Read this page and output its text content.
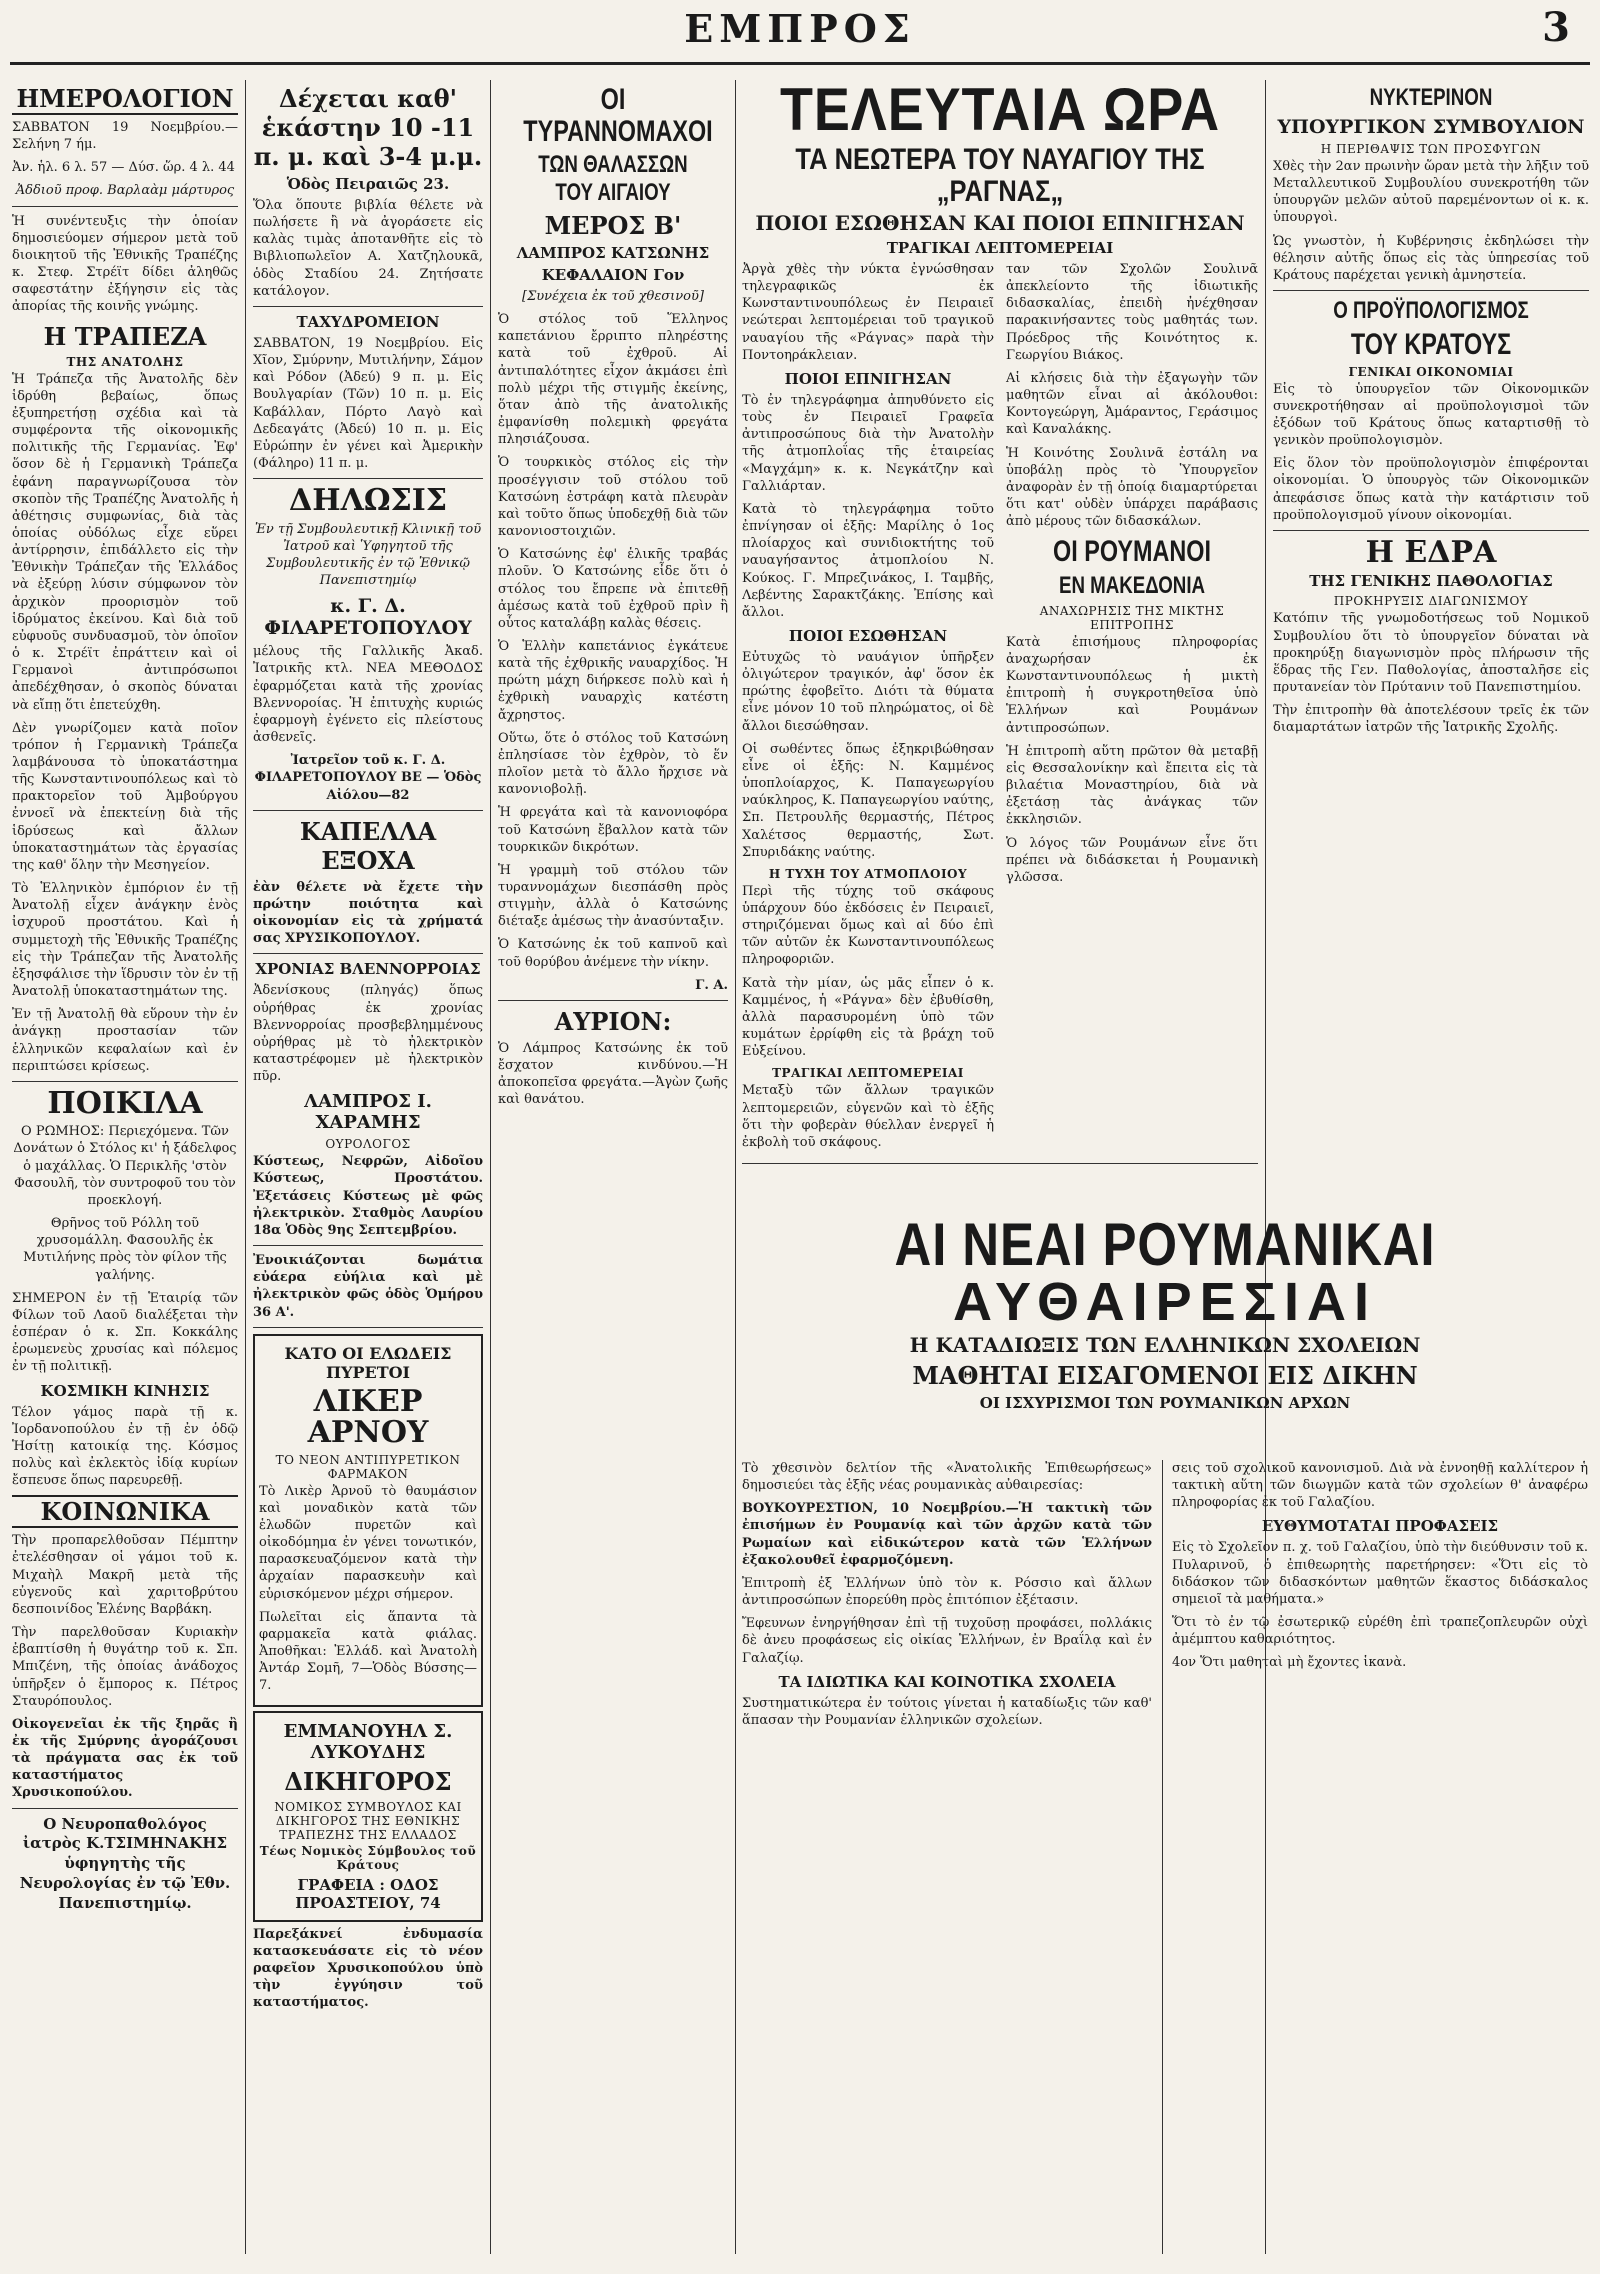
ΕΜΠΡΟΣ	3
ΗΜΕΡΟΛΟΓΙΟΝ
ΣΑΒΒΑΤΟΝ 19 Νοεμβρίου.—Σελήνη 7 ήμ.
Ἀν. ἡλ. 6 λ. 57 — Δύσ. ὥρ. 4 λ. 44
Ἀδδιοῦ προφ. Βαρλαὰμ μάρτυρος
Ἡ συνέντευξις τὴν ὁποίαν δημοσιεύομεν σήμερον μετὰ τοῦ διοικητοῦ τῆς Ἐθνικῆς Τραπέζης κ. Στεφ. Στρέϊτ δίδει ἀληθῶς σαφεστάτην ἐξήγησιν εἰς τὰς ἀπορίας τῆς κοινῆς γνώμης.
Η ΤΡΑΠΕΖΑ
ΤΗΣ ΑΝΑΤΟΛΗΣ
Ἡ Τράπεζα τῆς Ἀνατολῆς δὲν ἱδρύθη βεβαίως, ὅπως ἐξυπηρετήσῃ σχέδια καὶ τὰ συμφέροντα τῆς οἰκονομικῆς πολιτικῆς τῆς Γερμανίας. Ἐφ' ὅσον δὲ ἡ Γερμανικὴ Τράπεζα ἐφάνη παραγνωρίζουσα τὸν σκοπὸν τῆς Τραπέζης Ἀνατολῆς ἡ ἀθέτησις συμφωνίας, διὰ τὰς ὁποίας οὐδόλως εἶχε εὕρει ἀντίρρησιν, ἐπιδάλλετο εἰς τὴν Ἐθνικὴν Τράπεζαν τῆς Ἑλλάδος νὰ ἐξεύρῃ λύσιν σύμφωνον τὸν ἀρχικὸν προορισμὸν τοῦ ἱδρύματος ἐκείνου. Καὶ διὰ τοῦ εὐφυοῦς συνδυασμοῦ, τὸν ὁποῖον ὁ κ. Στρέϊτ ἐπράττειν καὶ οἱ Γερμανοὶ ἀντιπρόσωποι ἀπεδέχθησαν, ὁ σκοπὸς δύναται νὰ εἴπῃ ὅτι ἐπετεύχθη.
Δὲν γνωρίζομεν κατὰ ποῖον τρόπον ἡ Γερμανικὴ Τράπεζα λαμβάνουσα τὸ ὑποκατάστημα τῆς Κωνσταντινουπόλεως καὶ τὸ πρακτορεῖον τοῦ Ἀμβούργου ἐννοεῖ νὰ ἐπεκτείνῃ διὰ τῆς ἱδρύσεως καὶ ἄλλων ὑποκαταστημάτων τὰς ἐργασίας της καθ' ὅλην τὴν Μεσηγείον.
Τὸ Ἑλληνικὸν ἐμπόριον ἐν τῇ Ἀνατολῇ εἶχεν ἀνάγκην ἑνὸς ἰσχυροῦ προστάτου. Καὶ ἡ συμμετοχὴ τῆς Ἐθνικῆς Τραπέζης εἰς τὴν Τράπεζαν τῆς Ἀνατολῆς ἐξησφάλισε τὴν ἵδρυσιν τὸν ἐν τῇ Ἀνατολῇ ὑποκαταστημάτων της.
Ἐν τῇ Ἀνατολῇ θὰ εὕρουν τὴν ἐν ἀνάγκῃ προστασίαν τῶν ἑλληνικῶν κεφαλαίων καὶ ἐν περιπτώσει κρίσεως.
ΠΟΙΚΙΛΑ
Ο ΡΩΜΗΟΣ: Περιεχόμενα. Τῶν Δονάτων ὁ Στόλος κι' ἡ ξάδελφος ὁ μαχάλλας. Ὁ Περικλῆς 'στὸν Φασουλῆ, τὸν συντροφοῦ του τὸν προεκλογή.
Θρῆνος τοῦ Ρόλλη τοῦ χρυσομάλλη. Φασουλῆς ἐκ Μυτιλήνης πρὸς τὸν φίλον τῆς γαλήνης.
ΣΗΜΕΡΟΝ ἐν τῇ Ἑταιρίᾳ τῶν Φίλων τοῦ Λαοῦ διαλέξεται τὴν ἑσπέραν ὁ κ. Σπ. Κοκκάλης ἐρωμενεὺς χρυσίας καὶ πόλεμος ἐν τῇ πολιτικῇ.
ΚΟΣΜΙΚΗ ΚΙΝΗΣΙΣ
Τέλον γάμος παρὰ τῇ κ. Ἰορδανοπούλου ἐν τῇ ἐν ὁδῷ Ἡσίτῃ κατοικίᾳ της. Κόσμος πολὺς καὶ ἐκλεκτὸς ἰδίᾳ κυρίων ἔσπευσε ὅπως παρευρεθῇ.
ΚΟΙΝΩΝΙΚΑ
Τὴν προπαρελθοῦσαν Πέμπτην ἐτελέσθησαν οἱ γάμοι τοῦ κ. Μιχαὴλ Μακρῆ μετὰ τῆς εὐγενοῦς καὶ χαριτοβρύτου δεσποινίδος Ἑλένης Βαρβάκη.
Τὴν παρελθοῦσαν Κυριακὴν ἐβαπτίσθη ἡ θυγάτηρ τοῦ κ. Σπ. Μπιζένη, τῆς ὁποίας ἀνάδοχος ὑπῆρξεν ὁ ἔμπορος κ. Πέτρος Σταυρόπουλος.
Οἰκογενεῖαι ἐκ τῆς ξηρᾶς ἢ ἐκ τῆς Σμύρνης ἀγοράζουσι τὰ πράγματα σας ἐκ τοῦ καταστήματος Χρυσικοπούλου.
Ο Νευροπαθολόγος ἰατρὸς Κ.ΤΣΙΜΗΝΑΚΗΣ ὑφηγητὴς τῆς Νευρολογίας ἐν τῷ Ἐθν. Πανεπιστημίῳ.
Δέχεται καθ' ἑκάστην 10 -11 π. μ. καὶ 3-4 μ.μ.
Ὁδὸς Πειραιῶς 23.
Ὅλα ὅπουτε βιβλία θέλετε νὰ πωλήσετε ἢ νὰ ἀγοράσετε εἰς καλὰς τιμὰς ἀποτανθῆτε εἰς τὸ Βιβλιοπωλεῖον Α. Χατζηλουκᾶ, ὁδὸς Σταδίου 24. Ζητήσατε κατάλογον.
ΤΑΧΥΔΡΟΜΕΙΟΝ
ΣΑΒΒΑΤΟΝ, 19 Νοεμβρίου. Εἰς Χῖον, Σμύρνην, Μυτιλήνην, Σάμον καὶ Ρόδον (Ἀδεύ) 9 π. μ. Εἰς Βουλγαρίαν (Τῶν) 10 π. μ. Εἰς Καβάλλαν, Πόρτο Λαγὸ καὶ Δεδεαγάτς (Ἀδεύ) 10 π. μ. Εἰς Εὐρώπην ἐν γένει καὶ Ἀμερικὴν (Φάληρο) 11 π. μ.
ΔΗΛΩΣΙΣ
Ἐν τῇ Συμβουλευτικῇ Κλινικῇ τοῦ Ἰατροῦ καὶ Ὑφηγητοῦ τῆς Συμβουλευτικῆς ἐν τῷ Ἐθνικῷ Πανεπιστημίῳ
κ. Γ. Δ. ΦΙΛΑΡΕΤΟΠΟΥΛΟΥ
μέλους τῆς Γαλλικῆς Ἀκαδ. Ἰατρικῆς κτλ. ΝΕΑ ΜΕΘΟΔΟΣ ἐφαρμόζεται κατὰ τῆς χρονίας Βλεννοροίας. Ἡ ἐπιτυχὴς κυριώς ἐφαρμογὴ ἐγένετο εἰς πλείστους ἀσθενεῖς.
Ἰατρεῖον τοῦ κ. Γ. Δ. ΦΙΛΑΡΕΤΟΠΟΥΛΟΥ ΒΕ — Ὁδὸς Αἰόλου—82
ΚΑΠΕΛΛΑ ΕΞΟΧΑ
ἐὰν θέλετε νὰ ἔχετε τὴν πρώτην ποιότητα καὶ οἰκονομίαν εἰς τὰ χρήματά σας ΧΡΥΣΙΚΟΠΟΥΛΟΥ.
ΧΡΟΝΙΑΣ ΒΛΕΝΝΟΡΡΟΙΑΣ
Ἀδενίσκους (πληγάς) ὅπως οὐρήθρας ἐκ χρονίας Βλεννορροίας προσβεβλημμένους οὐρήθρας μὲ τὸ ἠλεκτρικὸν καταστρέφομεν μὲ ἠλεκτρικὸν πῦρ.
ΛΑΜΠΡΟΣ Ι. ΧΑΡΑΜΗΣ
ΟΥΡΟΛΟΓΟΣ
Κύστεως, Νεφρῶν, Αἰδοῖου Κύστεως, Προστάτου. Ἐξετάσεις Κύστεως μὲ φῶς ἠλεκτρικὸν. Σταθμὸς Λαυρίου 18α Ὁδὸς 9ης Σεπτεμβρίου.
Ἐνοικιάζονται δωμάτια εὐάερα εὐήλια καὶ μὲ ἠλεκτρικὸν φῶς ὁδὸς Ὁμήρου 36 Α'.
ΚΑΤΟ ΟΙ ΕΛΩΔΕΙΣ ΠΥΡΕΤΟΙ
ΛΙΚΕΡ ΑΡΝΟΥ
ΤΟ ΝΕΟΝ ΑΝΤΙΠΥΡΕΤΙΚΟΝ ΦΑΡΜΑΚΟΝ
Τὸ Λικὲρ Ἀρνοῦ τὸ θαυμάσιον καὶ μοναδικὸν κατὰ τῶν ἑλωδῶν πυρετῶν καὶ οἰκοδόμημα ἐν γένει τονωτικόν, παρασκευαζόμενον κατὰ τὴν ἀρχαίαν παρασκευὴν καὶ εὑρισκόμενον μέχρι σήμερον.
Πωλεῖται εἰς ἅπαντα τὰ φαρμακεῖα κατὰ φιάλας. Ἀποθῆκαι: Ἐλλάδ. καὶ Ἀνατολὴ Ἀντάρ Σομῆ, 7—Ὁδὸς Βύσσης—7.
ΕΜΜΑΝΟΥΗΛ Σ. ΛΥΚΟΥΔΗΣ
ΔΙΚΗΓΟΡΟΣ
ΝΟΜΙΚΟΣ ΣΥΜΒΟΥΛΟΣ ΚΑΙ ΔΙΚΗΓΟΡΟΣ ΤΗΣ ΕΘΝΙΚΗΣ ΤΡΑΠΕΖΗΣ ΤΗΣ ΕΛΛΑΔΟΣ
Τέως Νομικὸς Σύμβουλος τοῦ Κράτους
ΓΡΑΦΕΙΑ : ΟΔΟΣ ΠΡΟΑΣΤΕΙΟΥ, 74
Παρεξάκνεί ἐνδυμασία κατασκευάσατε εἰς τὸ νέον ραφεῖον Χρυσικοπούλου ὑπὸ τὴν ἐγγύησιν τοῦ καταστήματος.
ΟΙ ΤΥΡΑΝΝΟΜΑΧΟΙ
ΤΩΝ ΘΑΛΑΣΣΩΝ ΤΟΥ ΑΙΓΑΙΟΥ
ΜΕΡΟΣ Β'
ΛΑΜΠΡΟΣ ΚΑΤΣΩΝΗΣ
ΚΕΦΑΛΑΙΟΝ Γον
[Συνέχεια ἐκ τοῦ χθεσινοῦ]
Ὁ στόλος τοῦ Ἕλληνος καπετάνιου ἔρριπτο πληρέστης κατὰ τοῦ ἐχθροῦ. Αἱ ἀντιπαλότητες εἶχον ἀκμάσει ἐπὶ πολὺ μέχρι τῆς στιγμῆς ἐκείνης, ὅταν ἀπὸ τῆς ἀνατολικῆς ἐμφανίσθη πολεμικὴ φρεγάτα πλησιάζουσα.
Ὁ τουρκικὸς στόλος εἰς τὴν προσέγγισιν τοῦ στόλου τοῦ Κατσώνη ἐστράφη κατὰ πλευρὰν καὶ τοῦτο ὅπως ὑποδεχθῇ διὰ τῶν κανονιοστοιχιῶν.
Ὁ Κατσώνης ἐφ' ἑλικῆς τραβάς πλοῦν. Ὁ Κατσώνης εἶδε ὅτι ὁ στόλος του ἔπρεπε νὰ ἐπιτεθῇ ἀμέσως κατὰ τοῦ ἐχθροῦ πρὶν ἢ οὗτος καταλάβῃ καλὰς θέσεις.
Ὁ Ἑλλὴν καπετάνιος ἐγκάτευε κατὰ τῆς ἐχθρικῆς ναυαρχίδος. Ἡ πρώτη μάχη διήρκεσε πολὺ καὶ ἡ ἐχθρικὴ ναυαρχὶς κατέστη ἄχρηστος.
Οὕτω, ὅτε ὁ στόλος τοῦ Κατσώνη ἐπλησίασε τὸν ἐχθρὸν, τὸ ἕν πλοῖον μετὰ τὸ ἄλλο ἤρχισε νὰ κανονιοβολῇ.
Ἡ φρεγάτα καὶ τὰ κανονιοφόρα τοῦ Κατσώνη ἔβαλλον κατὰ τῶν τουρκικῶν δικρότων.
Ἡ γραμμὴ τοῦ στόλου τῶν τυραννομάχων διεσπάσθη πρὸς στιγμὴν, ἀλλὰ ὁ Κατσώνης διέταξε ἀμέσως τὴν ἀνασύνταξιν.
Ὁ Κατσώνης ἐκ τοῦ καπνοῦ καὶ τοῦ θορύβου ἀνέμενε τὴν νίκην.
Γ. Α.
ΑΥΡΙΟΝ:
Ὁ Λάμπρος Κατσώνης ἐκ τοῦ ἔσχατον κινδύνου.—Ἡ ἀποκοπεῖσα φρεγάτα.—Ἀγὼν ζωῆς καὶ θανάτου.
ΤΕΛΕΥΤΑΙΑ ΩΡΑ
ΤΑ ΝΕΩΤΕΡΑ ΤΟΥ ΝΑΥΑΓΙΟΥ ΤΗΣ „ΡΑΓΝΑΣ„
ΠΟΙΟΙ ΕΣΩΘΗΣΑΝ ΚΑΙ ΠΟΙΟΙ ΕΠΝΙΓΗΣΑΝ
ΤΡΑΓΙΚΑΙ ΛΕΠΤΟΜΕΡΕΙΑΙ
Ἀργὰ χθὲς τὴν νύκτα ἐγνώσθησαν τηλεγραφικῶς ἐκ Κωνσταντινουπόλεως ἐν Πειραιεῖ νεώτεραι λεπτομέρειαι τοῦ τραγικοῦ ναυαγίου τῆς «Ράγνας» παρὰ τὴν Ποντοηράκλειαν.
ΠΟΙΟΙ ΕΠΝΙΓΗΣΑΝ
Τὸ ἐν τηλεγράφημα ἀπηυθύνετο εἰς τοὺς ἐν Πειραιεῖ Γραφεῖα ἀντιπροσώπους διὰ τὴν Ἀνατολὴν τῆς ἀτμοπλοΐας τῆς ἑταιρείας «Μαγχάμη» κ. κ. Νεγκάτζην καὶ Γαλλιάρταν.
Κατὰ τὸ τηλεγράφημα τοῦτο ἐπνίγησαν οἱ ἑξῆς: Μαρίλης ὁ 1ος πλοίαρχος καὶ συνιδιοκτήτης τοῦ ναυαγήσαντος ἀτμοπλοίου Ν. Κούκος. Γ. Μπρεζινάκος, Ι. Ταμβῆς, Λεβέντης Σαρακτζάκης. Ἐπίσης καὶ ἄλλοι.
ΠΟΙΟΙ ΕΣΩΘΗΣΑΝ
Εὐτυχῶς τὸ ναυάγιον ὑπῆρξεν ὀλιγώτερον τραγικόν, ἀφ' ὅσον ἐκ πρώτης ἐφοβεῖτο. Διότι τὰ θύματα εἶνε μόνον 10 τοῦ πληρώματος, οἱ δὲ ἄλλοι διεσώθησαν.
Οἱ σωθέντες ὅπως ἐξηκριβώθησαν εἶνε οἱ ἑξῆς: Ν. Καμμένος ὑποπλοίαρχος, Κ. Παπαγεωργίου ναύκληρος, Κ. Παπαγεωργίου ναύτης, Σπ. Πετρουλῆς θερμαστής, Πέτρος Χαλέτσος θερμαστής, Σωτ. Σπυριδάκης ναύτης.
Η ΤΥΧΗ ΤΟΥ ΑΤΜΟΠΛΟΙΟΥ
Περὶ τῆς τύχης τοῦ σκάφους ὑπάρχουν δύο ἐκδόσεις ἐν Πειραιεῖ, στηριζόμεναι ὅμως καὶ αἱ δύο ἐπὶ τῶν αὐτῶν ἐκ Κωνσταντινουπόλεως πληροφοριῶν.
Κατὰ τὴν μίαν, ὡς μᾶς εἶπεν ὁ κ. Καμμένος, ἡ «Ράγνα» δὲν ἐβυθίσθη, ἀλλὰ παρασυρομένη ὑπὸ τῶν κυμάτων ἐρρίφθη εἰς τὰ βράχη τοῦ Εὐξείνου.
ΤΡΑΓΙΚΑΙ ΛΕΠΤΟΜΕΡΕΙΑΙ
Μεταξὺ τῶν ἄλλων τραγικῶν λεπτομερειῶν, εὐγενῶν καὶ τὸ ἑξῆς ὅτι τὴν φοβερὰν θύελλαν ἐνεργεῖ ἡ ἐκβολὴ τοῦ σκάφους.
ταν τῶν Σχολῶν Σουλινᾶ ἀπεκλείοντο τῆς ἰδιωτικῆς διδασκαλίας, ἐπειδὴ ἠνέχθησαν παρακινήσαντες τοὺς μαθητάς των. Πρόεδρος τῆς Κοινότητος κ. Γεωργίου Βιάκος.
Αἱ κλήσεις διὰ τὴν ἐξαγωγὴν τῶν μαθητῶν εἶναι αἱ ἀκόλουθοι: Κοντογεώργη, Ἀμάραντος, Γεράσιμος καὶ Καναλάκης.
Ἡ Κοινότης Σουλινᾶ ἐστάλη να ὑποβάλῃ πρὸς τὸ Ὑπουργεῖον ἀναφορὰν ἐν τῇ ὁποίᾳ διαμαρτύρεται ὅτι κατ' οὐδὲν ὑπάρχει παράβασις ἀπὸ μέρους τῶν διδασκάλων.
ΟΙ ΡΟΥΜΑΝΟΙ
ΕΝ ΜΑΚΕΔΟΝΙΑ
ΑΝΑΧΩΡΗΣΙΣ ΤΗΣ ΜΙΚΤΗΣ ΕΠΙΤΡΟΠΗΣ
Κατὰ ἐπισήμους πληροφορίας ἀναχωρήσαν ἐκ Κωνσταντινουπόλεως ἡ μικτὴ ἐπιτροπὴ ἡ συγκροτηθεῖσα ὑπὸ Ἑλλήνων καὶ Ρουμάνων ἀντιπροσώπων.
Ἡ ἐπιτροπὴ αὕτη πρῶτον θὰ μεταβῇ εἰς Θεσσαλονίκην καὶ ἔπειτα εἰς τὰ βιλαέτια Μοναστηρίου, διὰ νὰ ἐξετάσῃ τὰς ἀνάγκας τῶν ἐκκλησιῶν.
Ὁ λόγος τῶν Ρουμάνων εἶνε ὅτι πρέπει νὰ διδάσκεται ἡ Ρουμανικὴ γλῶσσα.
ΑΙ ΝΕΑΙ ΡΟΥΜΑΝΙΚΑΙ
ΑΥΘΑΙΡΕΣΙΑΙ
Η ΚΑΤΑΔΙΩΞΙΣ ΤΩΝ ΕΛΛΗΝΙΚΩΝ ΣΧΟΛΕΙΩΝ
ΜΑΘΗΤΑΙ ΕΙΣΑΓΟΜΕΝΟΙ ΕΙΣ ΔΙΚΗΝ
ΟΙ ΙΣΧΥΡΙΣΜΟΙ ΤΩΝ ΡΟΥΜΑΝΙΚΩΝ ΑΡΧΩΝ
Τὸ χθεσινὸν δελτίον τῆς «Ἀνατολικῆς Ἐπιθεωρήσεως» δημοσιεύει τὰς ἑξῆς νέας ρουμανικὰς αὐθαιρεσίας:
ΒΟΥΚΟΥΡΕΣΤΙΟΝ, 10 Νοεμβρίου.—Ἡ τακτικὴ τῶν ἐπισήμων ἐν Ρουμανίᾳ καὶ τῶν ἀρχῶν κατὰ τῶν Ρωμαίων καὶ εἰδικώτερον κατὰ τῶν Ἑλλήνων ἐξακολουθεῖ ἐφαρμοζόμενη.
Ἐπιτροπὴ ἐξ Ἑλλήνων ὑπὸ τὸν κ. Ρόσσιο καὶ ἄλλων ἀντιπροσώπων ἐπορεύθη πρὸς ἐπιτόπιον ἐξέτασιν.
Ἔφευνων ἐνηργήθησαν ἐπὶ τῇ τυχοῦσῃ προφάσει, πολλάκις δὲ ἀνευ προφάσεως εἰς οἰκίας Ἑλλήνων, ἐν Βραΐλᾳ καὶ ἐν Γαλαζίῳ.
ΤΑ ΙΔΙΩΤΙΚΑ ΚΑΙ ΚΟΙΝΟΤΙΚΑ ΣΧΟΛΕΙΑ
Συστηματικώτερα ἐν τούτοις γίνεται ἡ καταδίωξις τῶν καθ' ἅπασαν τὴν Ρουμανίαν ἑλληνικῶν σχολείων.
σεις τοῦ σχολικοῦ κανονισμοῦ. Διὰ νὰ ἐννοηθῇ καλλίτερον ἡ τακτικὴ αὕτη τῶν διωγμῶν κατὰ τῶν σχολείων θ' ἀναφέρω πληροφορίας ἐκ τοῦ Γαλαζίου.
ΕΥΘΥΜΟΤΑΤΑΙ ΠΡΟΦΑΣΕΙΣ
Εἰς τὸ Σχολεῖον π. χ. τοῦ Γαλαζίου, ὑπὸ τὴν διεύθυνσιν τοῦ κ. Πυλαρινοῦ, ὁ ἐπιθεωρητὴς παρετήρησεν: «Ὅτι εἰς τὸ διδάσκον τῶν διδασκόντων μαθητῶν ἕκαστος διδάσκαλος σημειοῖ τὰ μαθήματα.»
Ὅτι τὸ ἐν τῷ ἐσωτερικῷ εὑρέθη ἐπὶ τραπεζοπλευρῶν οὐχὶ ἀμέμπτου καθαριότητος.
4ον Ὅτι μαθηταὶ μὴ ἔχοντες ἱκανὰ.
ΝΥΚΤΕΡΙΝΟΝ
ΥΠΟΥΡΓΙΚΟΝ ΣΥΜΒΟΥΛΙΟΝ
Η ΠΕΡΙΘΑΨΙΣ ΤΩΝ ΠΡΟΣΦΥΓΩΝ
Χθὲς τὴν 2αν πρωινὴν ὥραν μετὰ τὴν λῆξιν τοῦ Μεταλλευτικοῦ Συμβουλίου συνεκροτήθη τῶν ὑπουργῶν μελῶν αὐτοῦ παρεμένοντων οἱ κ. κ. ὑπουργοὶ.
Ὡς γνωστὸν, ἡ Κυβέρνησις ἐκδηλώσει τὴν θέλησιν αὐτῆς ὅπως εἰς τὰς ὑπηρεσίας τοῦ Κράτους παρέχεται γενικὴ ἀμνηστεία.
Ο ΠΡΟΫΠΟΛΟΓΙΣΜΟΣ
ΤΟΥ ΚΡΑΤΟΥΣ
ΓΕΝΙΚΑΙ ΟΙΚΟΝΟΜΙΑΙ
Εἰς τὸ ὑπουργεῖον τῶν Οἰκονομικῶν συνεκροτήθησαν αἱ προϋπολογισμοὶ τῶν ἐξόδων τοῦ Κράτους ὅπως καταρτισθῇ τὸ γενικὸν προϋπολογισμὸν.
Εἰς ὅλον τὸν προϋπολογισμὸν ἐπιφέρονται οἰκονομίαι. Ὁ ὑπουργὸς τῶν Οἰκονομικῶν ἀπεφάσισε ὅπως κατὰ τὴν κατάρτισιν τοῦ προϋπολογισμοῦ γίνουν οἰκονομίαι.
Η ΕΔΡΑ
ΤΗΣ ΓΕΝΙΚΗΣ ΠΑΘΟΛΟΓΙΑΣ
ΠΡΟΚΗΡΥΞΙΣ ΔΙΑΓΩΝΙΣΜΟΥ
Κατόπιν τῆς γνωμοδοτήσεως τοῦ Νομικοῦ Συμβουλίου ὅτι τὸ ὑπουργεῖον δύναται νὰ προκηρύξῃ διαγωνισμὸν πρὸς πλήρωσιν τῆς ἕδρας τῆς Γεν. Παθολογίας, ἀποσταλῆσε εἰς πρυτανείαν τὸν Πρύτανιν τοῦ Πανεπιστημίου.
Τὴν ἐπιτροπὴν θὰ ἀποτελέσουν τρεῖς ἐκ τῶν διαμαρτάτων ἰατρῶν τῆς Ἰατρικῆς Σχολῆς.
